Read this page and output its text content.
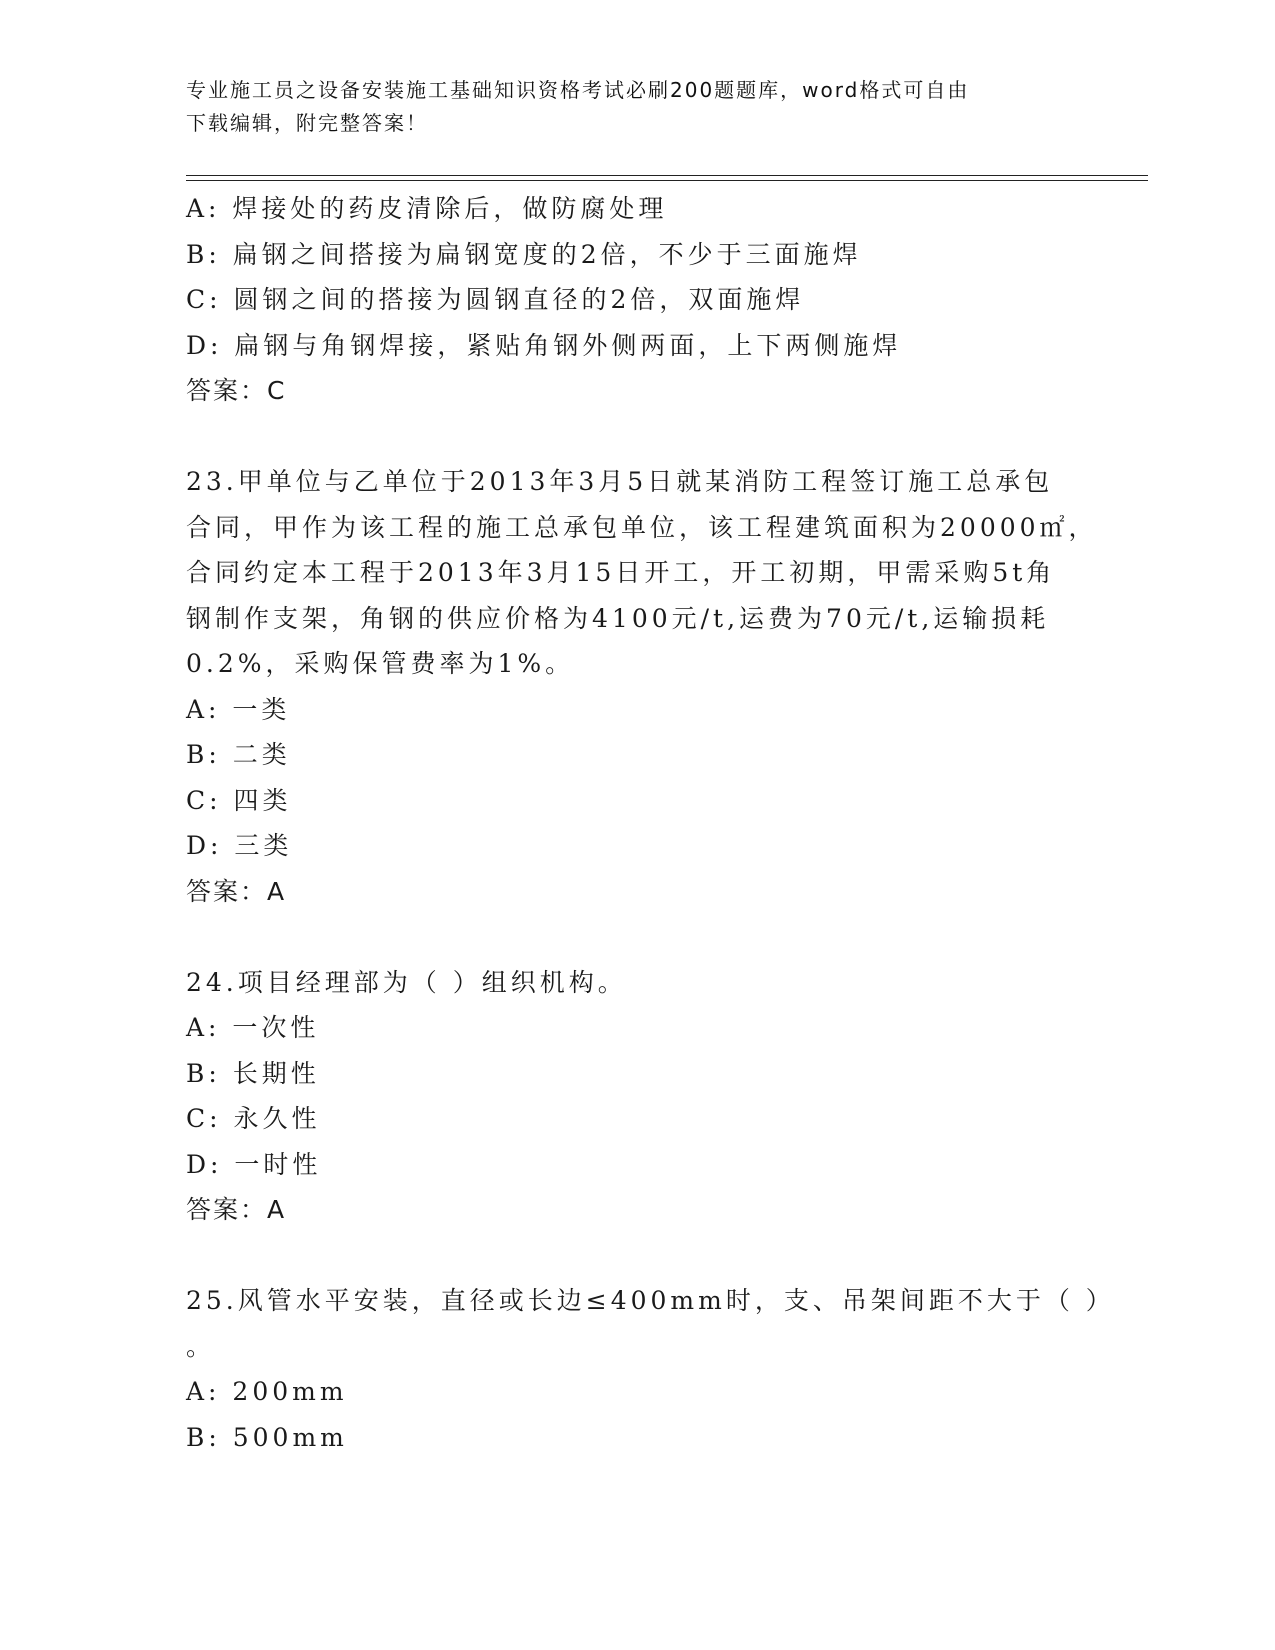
专业施工员之设备安装施工基础知识资格考试必刷200题题库，word格式可自由
下载编辑，附完整答案！
A: 焊接处的药皮清除后，做防腐处理
B: 扁钢之间搭接为扁钢宽度的2倍，不少于三面施焊
C: 圆钢之间的搭接为圆钢直径的2倍，双面施焊
D: 扁钢与角钢焊接，紧贴角钢外侧两面，上下两侧施焊
答案：C
23.甲单位与乙单位于2013年3月5日就某消防工程签订施工总承包
合同，甲作为该工程的施工总承包单位，该工程建筑面积为20000㎡，
合同约定本工程于2013年3月15日开工，开工初期，甲需采购5t角
钢制作支架，角钢的供应价格为4100元/t,运费为70元/t,运输损耗
0.2%，采购保管费率为1%。
A: 一类
B: 二类
C: 四类
D: 三类
答案：A
24.项目经理部为（ ）组织机构。
A: 一次性
B: 长期性
C: 永久性
D: 一时性
答案：A
25.风管水平安装，直径或长边≤400mm时，支、吊架间距不大于（ ）
。
A: 200mm
B: 500mm
